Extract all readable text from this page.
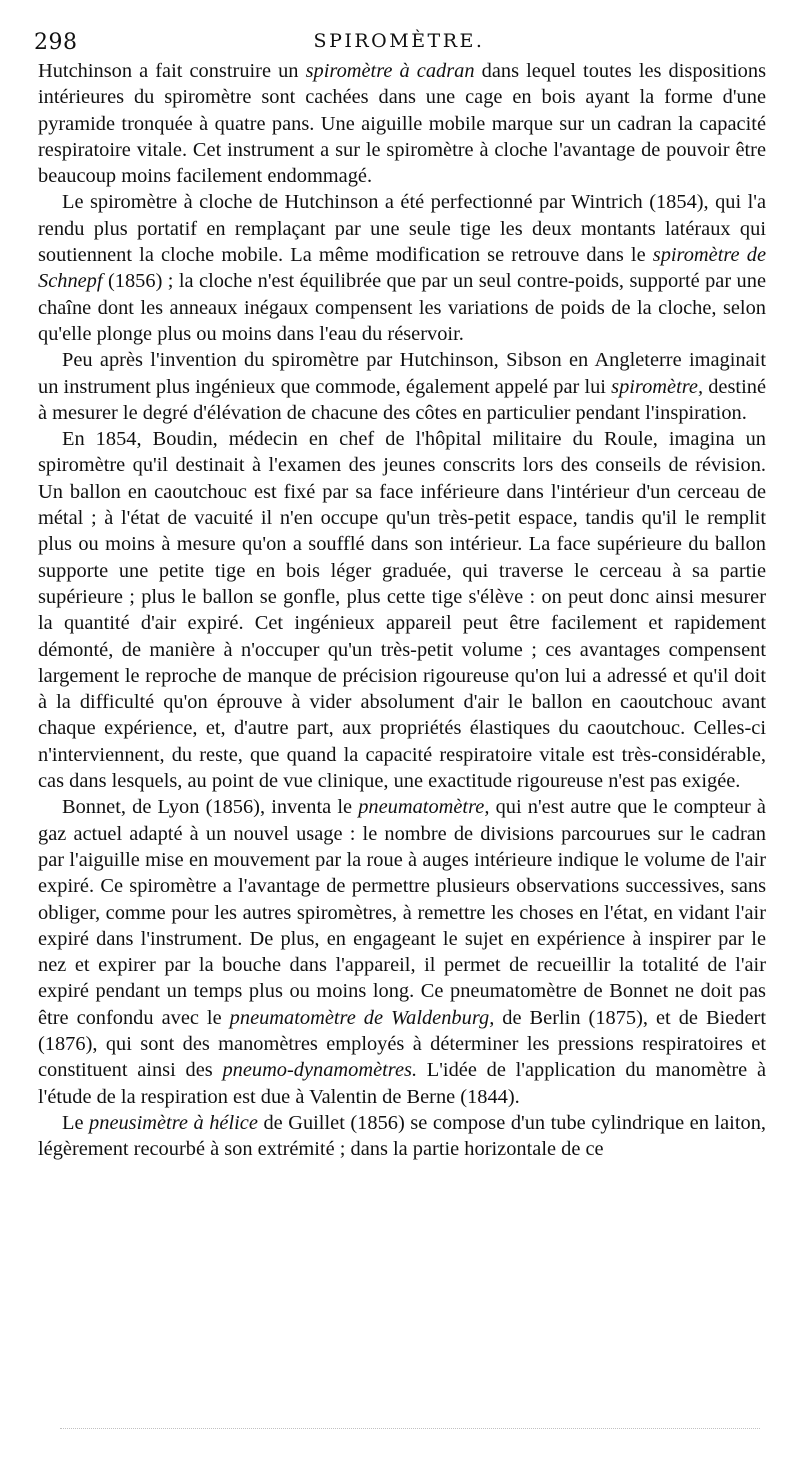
298	SPIROMÈTRE.

Hutchinson a fait construire un spiromètre à cadran dans lequel toutes les dispositions intérieures du spiromètre sont cachées dans une cage en bois ayant la forme d'une pyramide tronquée à quatre pans. Une aiguille mobile marque sur un cadran la capacité respiratoire vitale. Cet instrument a sur le spiromètre à cloche l'avantage de pouvoir être beaucoup moins facilement endommagé.

Le spiromètre à cloche de Hutchinson a été perfectionné par Wintrich (1854), qui l'a rendu plus portatif en remplaçant par une seule tige les deux montants latéraux qui soutiennent la cloche mobile. La même modification se retrouve dans le spiromètre de Schnepf (1856) ; la cloche n'est équilibrée que par un seul contre-poids, supporté par une chaîne dont les anneaux inégaux compensent les variations de poids de la cloche, selon qu'elle plonge plus ou moins dans l'eau du réservoir.

Peu après l'invention du spiromètre par Hutchinson, Sibson en Angleterre imaginait un instrument plus ingénieux que commode, également appelé par lui spiromètre, destiné à mesurer le degré d'élévation de chacune des côtes en particulier pendant l'inspiration.

En 1854, Boudin, médecin en chef de l'hôpital militaire du Roule, imagina un spiromètre qu'il destinait à l'examen des jeunes conscrits lors des conseils de révision. Un ballon en caoutchouc est fixé par sa face inférieure dans l'intérieur d'un cerceau de métal ; à l'état de vacuité il n'en occupe qu'un très-petit espace, tandis qu'il le remplit plus ou moins à mesure qu'on a soufflé dans son intérieur. La face supérieure du ballon supporte une petite tige en bois léger graduée, qui traverse le cerceau à sa partie supérieure ; plus le ballon se gonfle, plus cette tige s'élève : on peut donc ainsi mesurer la quantité d'air expiré. Cet ingénieux appareil peut être facilement et rapidement démonté, de manière à n'occuper qu'un très-petit volume ; ces avantages compensent largement le reproche de manque de précision rigoureuse qu'on lui a adressé et qu'il doit à la difficulté qu'on éprouve à vider absolument d'air le ballon en caoutchouc avant chaque expérience, et, d'autre part, aux propriétés élastiques du caoutchouc. Celles-ci n'interviennent, du reste, que quand la capacité respiratoire vitale est très-considérable, cas dans lesquels, au point de vue clinique, une exactitude rigoureuse n'est pas exigée.

Bonnet, de Lyon (1856), inventa le pneumatomètre, qui n'est autre que le compteur à gaz actuel adapté à un nouvel usage : le nombre de divisions parcourues sur le cadran par l'aiguille mise en mouvement par la roue à auges intérieure indique le volume de l'air expiré. Ce spiromètre a l'avantage de permettre plusieurs observations successives, sans obliger, comme pour les autres spiromètres, à remettre les choses en l'état, en vidant l'air expiré dans l'instrument. De plus, en engageant le sujet en expérience à inspirer par le nez et expirer par la bouche dans l'appareil, il permet de recueillir la totalité de l'air expiré pendant un temps plus ou moins long. Ce pneumatomètre de Bonnet ne doit pas être confondu avec le pneumatomètre de Waldenburg, de Berlin (1875), et de Biedert (1876), qui sont des manomètres employés à déterminer les pressions respiratoires et constituent ainsi des pneumo-dynamomètres. L'idée de l'application du manomètre à l'étude de la respiration est due à Valentin de Berne (1844).

Le pneusimètre à hélice de Guillet (1856) se compose d'un tube cylindrique en laiton, légèrement recourbé à son extrémité ; dans la partie horizontale de ce
